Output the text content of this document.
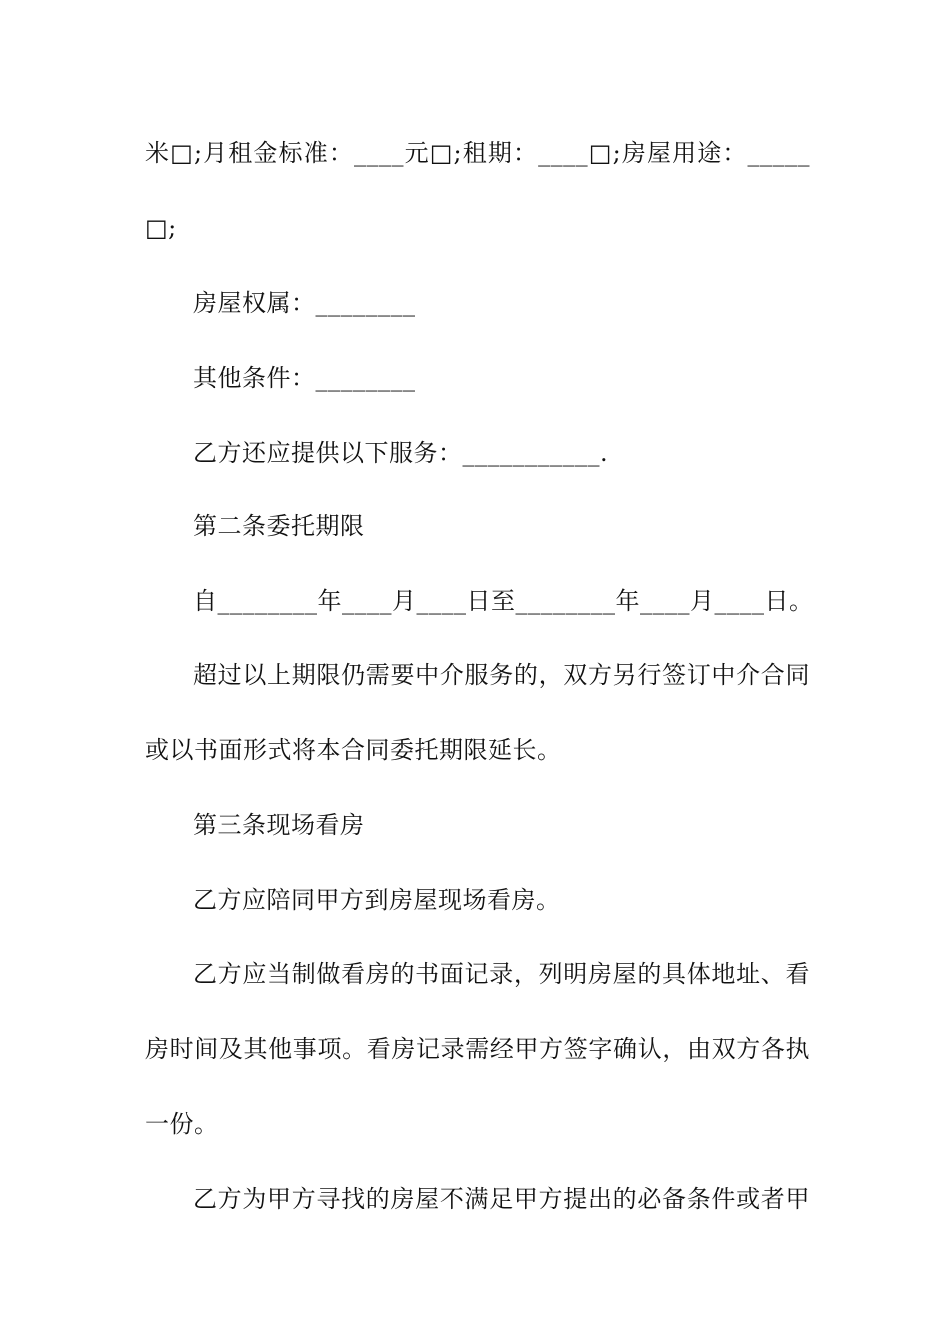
米□;月租金标准：____元□;租期：____□;房屋用途：_____
□;
房屋权属：________
其他条件：________
乙方还应提供以下服务：___________.
第二条委托期限
自________年____月____日至________年____月____日。
超过以上期限仍需要中介服务的，双方另行签订中介合同
或以书面形式将本合同委托期限延长。
第三条现场看房
乙方应陪同甲方到房屋现场看房。
乙方应当制做看房的书面记录，列明房屋的具体地址、看
房时间及其他事项。看房记录需经甲方签字确认，由双方各执
一份。
乙方为甲方寻找的房屋不满足甲方提出的必备条件或者甲
